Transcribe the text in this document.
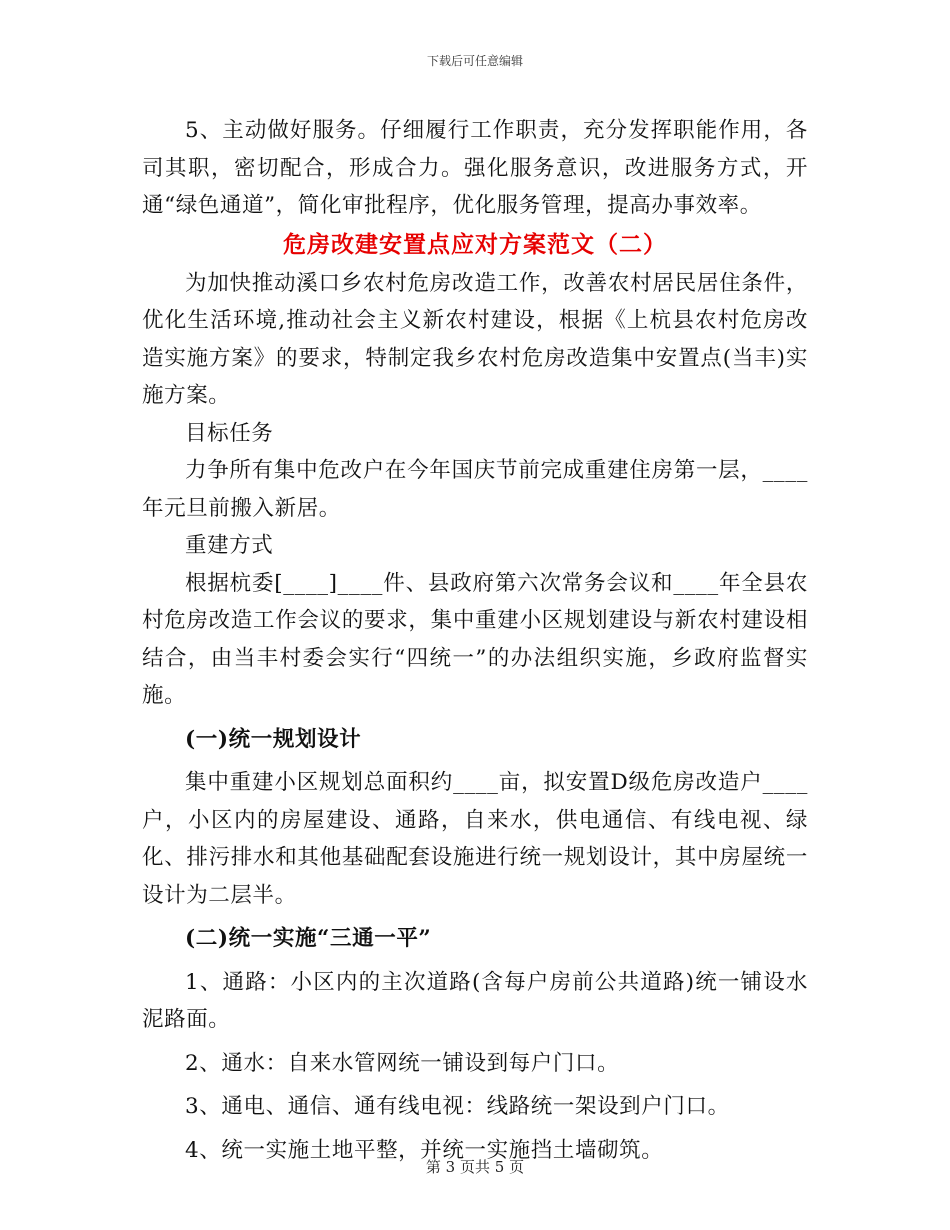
下载后可任意编辑

5、主动做好服务。仔细履行工作职责，充分发挥职能作用，各司其职，密切配合，形成合力。强化服务意识，改进服务方式，开通“绿色通道”，简化审批程序，优化服务管理，提高办事效率。

危房改建安置点应对方案范文（二）

为加快推动溪口乡农村危房改造工作，改善农村居民居住条件，优化生活环境,推动社会主义新农村建设，根据《上杭县农村危房改造实施方案》的要求，特制定我乡农村危房改造集中安置点(当丰)实施方案。

目标任务

力争所有集中危改户在今年国庆节前完成重建住房第一层，____年元旦前搬入新居。

重建方式

根据杭委[____]____件、县政府第六次常务会议和____年全县农村危房改造工作会议的要求，集中重建小区规划建设与新农村建设相结合，由当丰村委会实行“四统一”的办法组织实施，乡政府监督实施。

(一)统一规划设计

集中重建小区规划总面积约____亩，拟安置D级危房改造户____户，小区内的房屋建设、通路，自来水，供电通信、有线电视、绿化、排污排水和其他基础配套设施进行统一规划设计，其中房屋统一设计为二层半。

(二)统一实施“三通一平”

1、通路：小区内的主次道路(含每户房前公共道路)统一铺设水泥路面。

2、通水：自来水管网统一铺设到每户门口。

3、通电、通信、通有线电视：线路统一架设到户门口。

4、统一实施土地平整，并统一实施挡土墙砌筑。

第 3 页共 5 页
